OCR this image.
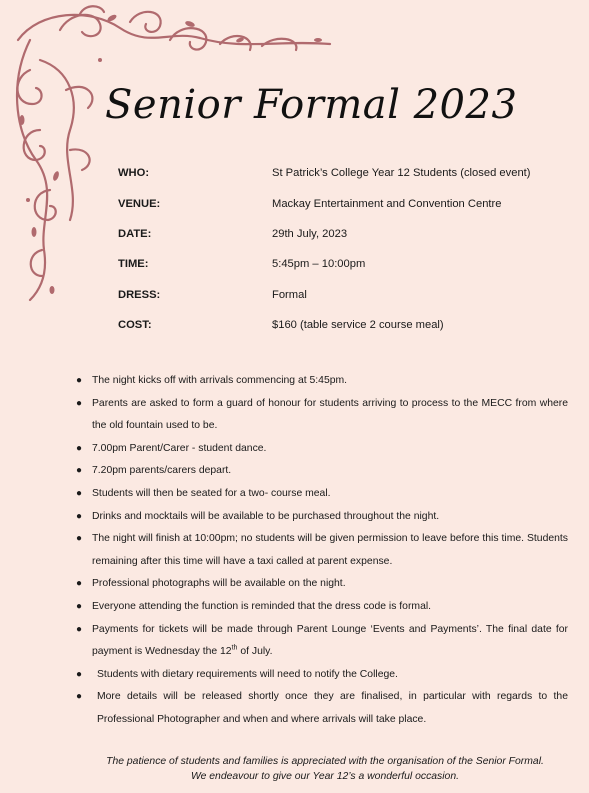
Senior Formal 2023
WHO:	St Patrick’s College Year 12 Students (closed event)
VENUE:	Mackay Entertainment and Convention Centre
DATE:	29th July, 2023
TIME:	5:45pm – 10:00pm
DRESS:	Formal
COST:	$160 (table service 2 course meal)
● The night kicks off with arrivals commencing at 5:45pm.
● Parents are asked to form a guard of honour for students arriving to process to the MECC from where the old fountain used to be.
● 7.00pm Parent/Carer - student dance.
● 7.20pm parents/carers depart.
● Students will then be seated for a two- course meal.
● Drinks and mocktails will be available to be purchased throughout the night.
● The night will finish at 10:00pm; no students will be given permission to leave before this time. Students remaining after this time will have a taxi called at parent expense.
● Professional photographs will be available on the night.
● Everyone attending the function is reminded that the dress code is formal.
● Payments for tickets will be made through Parent Lounge ‘Events and Payments’. The final date for payment is Wednesday the 12th of July.
● Students with dietary requirements will need to notify the College.
● More details will be released shortly once they are finalised, in particular with regards to the Professional Photographer and when and where arrivals will take place.
The patience of students and families is appreciated with the organisation of the Senior Formal.
We endeavour to give our Year 12’s a wonderful occasion.
